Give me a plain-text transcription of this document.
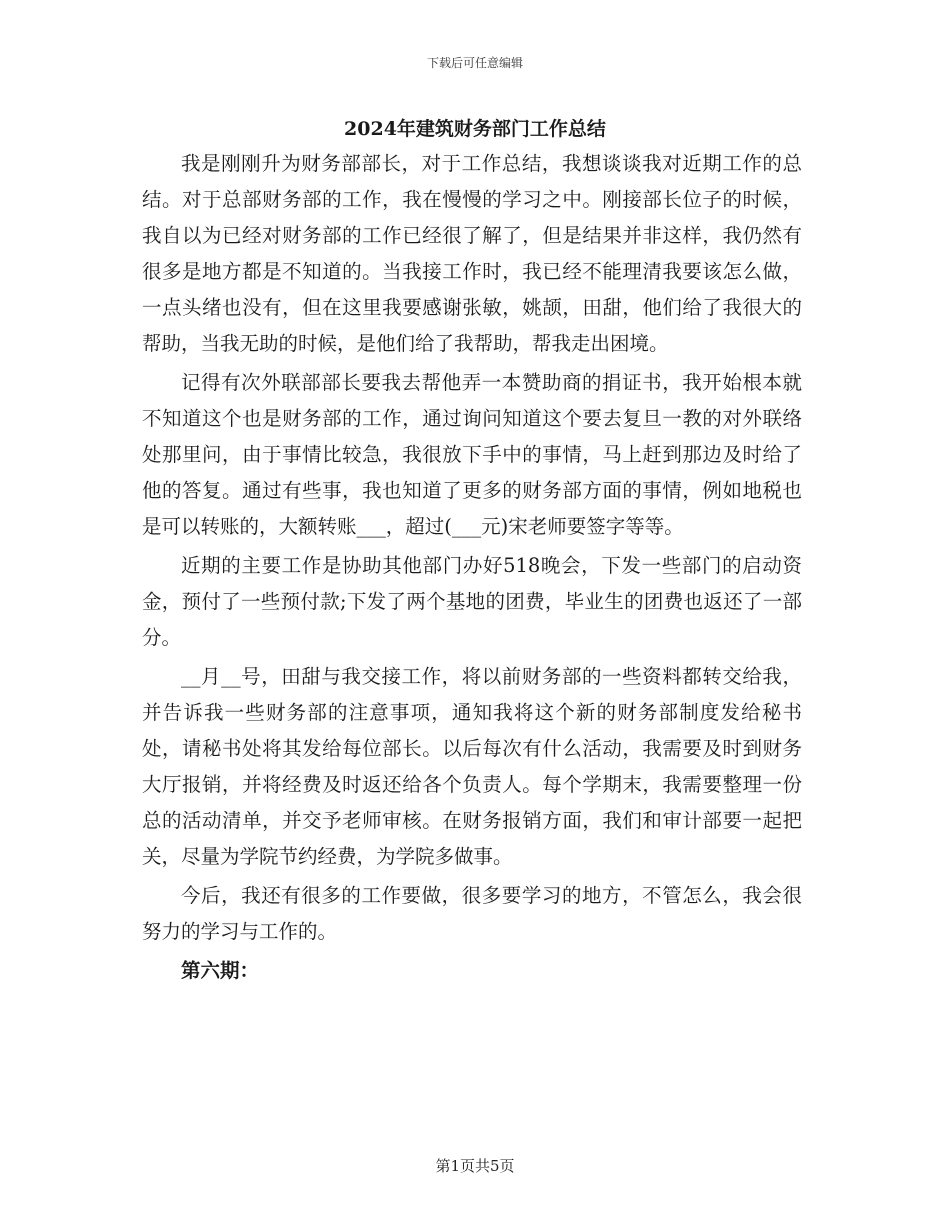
下载后可任意编辑
2024年建筑财务部门工作总结

我是刚刚升为财务部部长，对于工作总结，我想谈谈我对近期工作的总结。对于总部财务部的工作，我在慢慢的学习之中。刚接部长位子的时候，我自以为已经对财务部的工作已经很了解了，但是结果并非这样，我仍然有很多是地方都是不知道的。当我接工作时，我已经不能理清我要该怎么做，一点头绪也没有，但在这里我要感谢张敏，姚颉，田甜，他们给了我很大的帮助，当我无助的时候，是他们给了我帮助，帮我走出困境。

记得有次外联部部长要我去帮他弄一本赞助商的捐证书，我开始根本就不知道这个也是财务部的工作，通过询问知道这个要去复旦一教的对外联络处那里问，由于事情比较急，我很放下手中的事情，马上赶到那边及时给了他的答复。通过有些事，我也知道了更多的财务部方面的事情，例如地税也是可以转账的，大额转账___，超过(___元)宋老师要签字等等。

近期的主要工作是协助其他部门办好518晚会，下发一些部门的启动资金，预付了一些预付款;下发了两个基地的团费，毕业生的团费也返还了一部分。

__月__号，田甜与我交接工作，将以前财务部的一些资料都转交给我，并告诉我一些财务部的注意事项，通知我将这个新的财务部制度发给秘书处，请秘书处将其发给每位部长。以后每次有什么活动，我需要及时到财务大厅报销，并将经费及时返还给各个负责人。每个学期末，我需要整理一份总的活动清单，并交予老师审核。在财务报销方面，我们和审计部要一起把关，尽量为学院节约经费，为学院多做事。

今后，我还有很多的工作要做，很多要学习的地方，不管怎么，我会很努力的学习与工作的。

第六期：

第1页共5页
